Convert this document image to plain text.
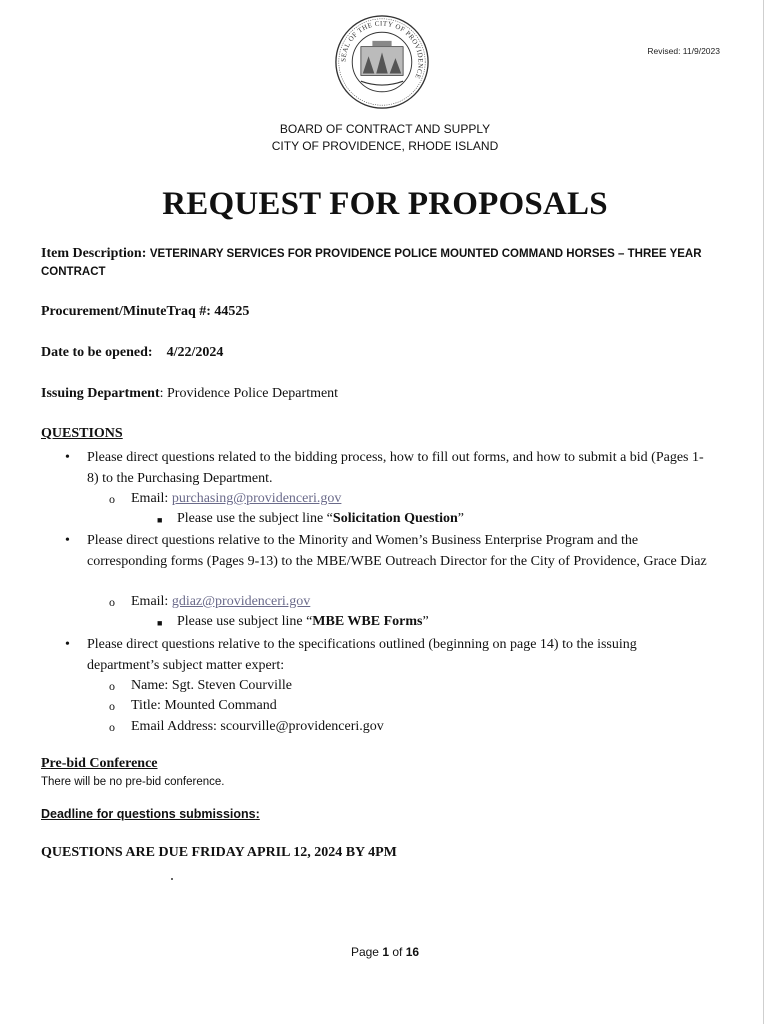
SEAL OF THE CITY OF PROVIDENCE
Revised: 11/9/2023
BOARD OF CONTRACT AND SUPPLY
CITY OF PROVIDENCE, RHODE ISLAND
REQUEST FOR PROPOSALS
Item Description: VETERINARY SERVICES FOR PROVIDENCE POLICE MOUNTED COMMAND HORSES – THREE YEAR CONTRACT
Procurement/MinuteTraq #: 44525
Date to be opened: 4/22/2024
Issuing Department: Providence Police Department
QUESTIONS
• Please direct questions related to the bidding process, how to fill out forms, and how to submit a bid (Pages 1-8) to the Purchasing Department.
o Email: purchasing@providenceri.gov
■ Please use the subject line “Solicitation Question”
• Please direct questions relative to the Minority and Women’s Business Enterprise Program and the corresponding forms (Pages 9-13) to the MBE/WBE Outreach Director for the City of Providence, Grace Diaz
o Email: gdiaz@providenceri.gov
■ Please use subject line “MBE WBE Forms”
• Please direct questions relative to the specifications outlined (beginning on page 14) to the issuing department’s subject matter expert:
o Name: Sgt. Steven Courville
o Title: Mounted Command
o Email Address: scourville@providenceri.gov
Pre-bid Conference
There will be no pre-bid conference.
Deadline for questions submissions:
QUESTIONS ARE DUE FRIDAY APRIL 12, 2024 BY 4PM
Page 1 of 16
